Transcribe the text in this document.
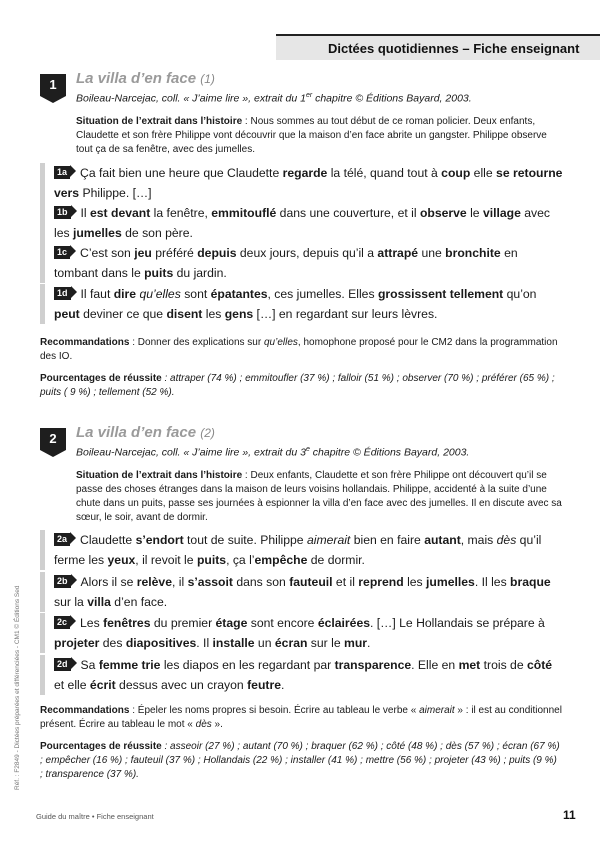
Dictées quotidiennes – Fiche enseignant
1	La villa d’en face (1)
Boileau-Narcejac, coll. « J’aime lire », extrait du 1er chapitre © Éditions Bayard, 2003.
Situation de l’extrait dans l’histoire : Nous sommes au tout début de ce roman policier. Deux enfants, Claudette et son frère Philippe vont découvrir que la maison d’en face abrite un gangster. Philippe observe tout ça de sa fenêtre, avec des jumelles.
1a Ça fait bien une heure que Claudette regarde la télé, quand tout à coup elle se retourne vers Philippe. […]
1b Il est devant la fenêtre, emmitouflé dans une couverture, et il observe le village avec les jumelles de son père.
1c C’est son jeu préféré depuis deux jours, depuis qu’il a attrapé une bronchite en tombant dans le puits du jardin.
1d Il faut dire qu’elles sont épatantes, ces jumelles. Elles grossissent tellement qu’on peut deviner ce que disent les gens […] en regardant sur leurs lèvres.
Recommandations : Donner des explications sur qu’elles, homophone proposé pour le CM2 dans la programmation des IO.
Pourcentages de réussite : attraper (74 %) ; emmitoufler (37 %) ; falloir (51 %) ; observer (70 %) ; préférer (65 %) ; puits ( 9 %) ; tellement (52 %).
2	La villa d’en face (2)
Boileau-Narcejac, coll. « J’aime lire », extrait du 3e chapitre © Éditions Bayard, 2003.
Situation de l’extrait dans l’histoire : Deux enfants, Claudette et son frère Philippe ont découvert qu’il se passe des choses étranges dans la maison de leurs voisins hollandais. Philippe, accidenté à la suite d’une chute dans un puits, passe ses journées à espionner la villa d’en face avec des jumelles. Il en discute avec sa sœur, le soir, avant de dormir.
2a Claudette s’endort tout de suite. Philippe aimerait bien en faire autant, mais dès qu’il ferme les yeux, il revoit le puits, ça l’empêche de dormir.
2b Alors il se relève, il s’assoit dans son fauteuil et il reprend les jumelles. Il les braque sur la villa d’en face.
2c Les fenêtres du premier étage sont encore éclairées. […] Le Hollandais se prépare à projeter des diapositives. Il installe un écran sur le mur.
2d Sa femme trie les diapos en les regardant par transparence. Elle en met trois de côté et elle écrit dessus avec un crayon feutre.
Recommandations : Épeler les noms propres si besoin. Écrire au tableau le verbe « aimerait » : il est au conditionnel présent. Écrire au tableau le mot « dès ».
Pourcentages de réussite : asseoir (27 %) ; autant (70 %) ; braquer (62 %) ; côté (48 %) ; dès (57 %) ; écran (67 %) ; empêcher (16 %) ; fauteuil (37 %) ; Hollandais (22 %) ; installer (41 %) ; mettre (56 %) ; projeter (43 %) ; puits (9 %) ; transparence (37 %).
Réf. : F2849 - Dictées préparées et différenciées - CM1 © Éditions Sed
Guide du maître • Fiche enseignant	11
